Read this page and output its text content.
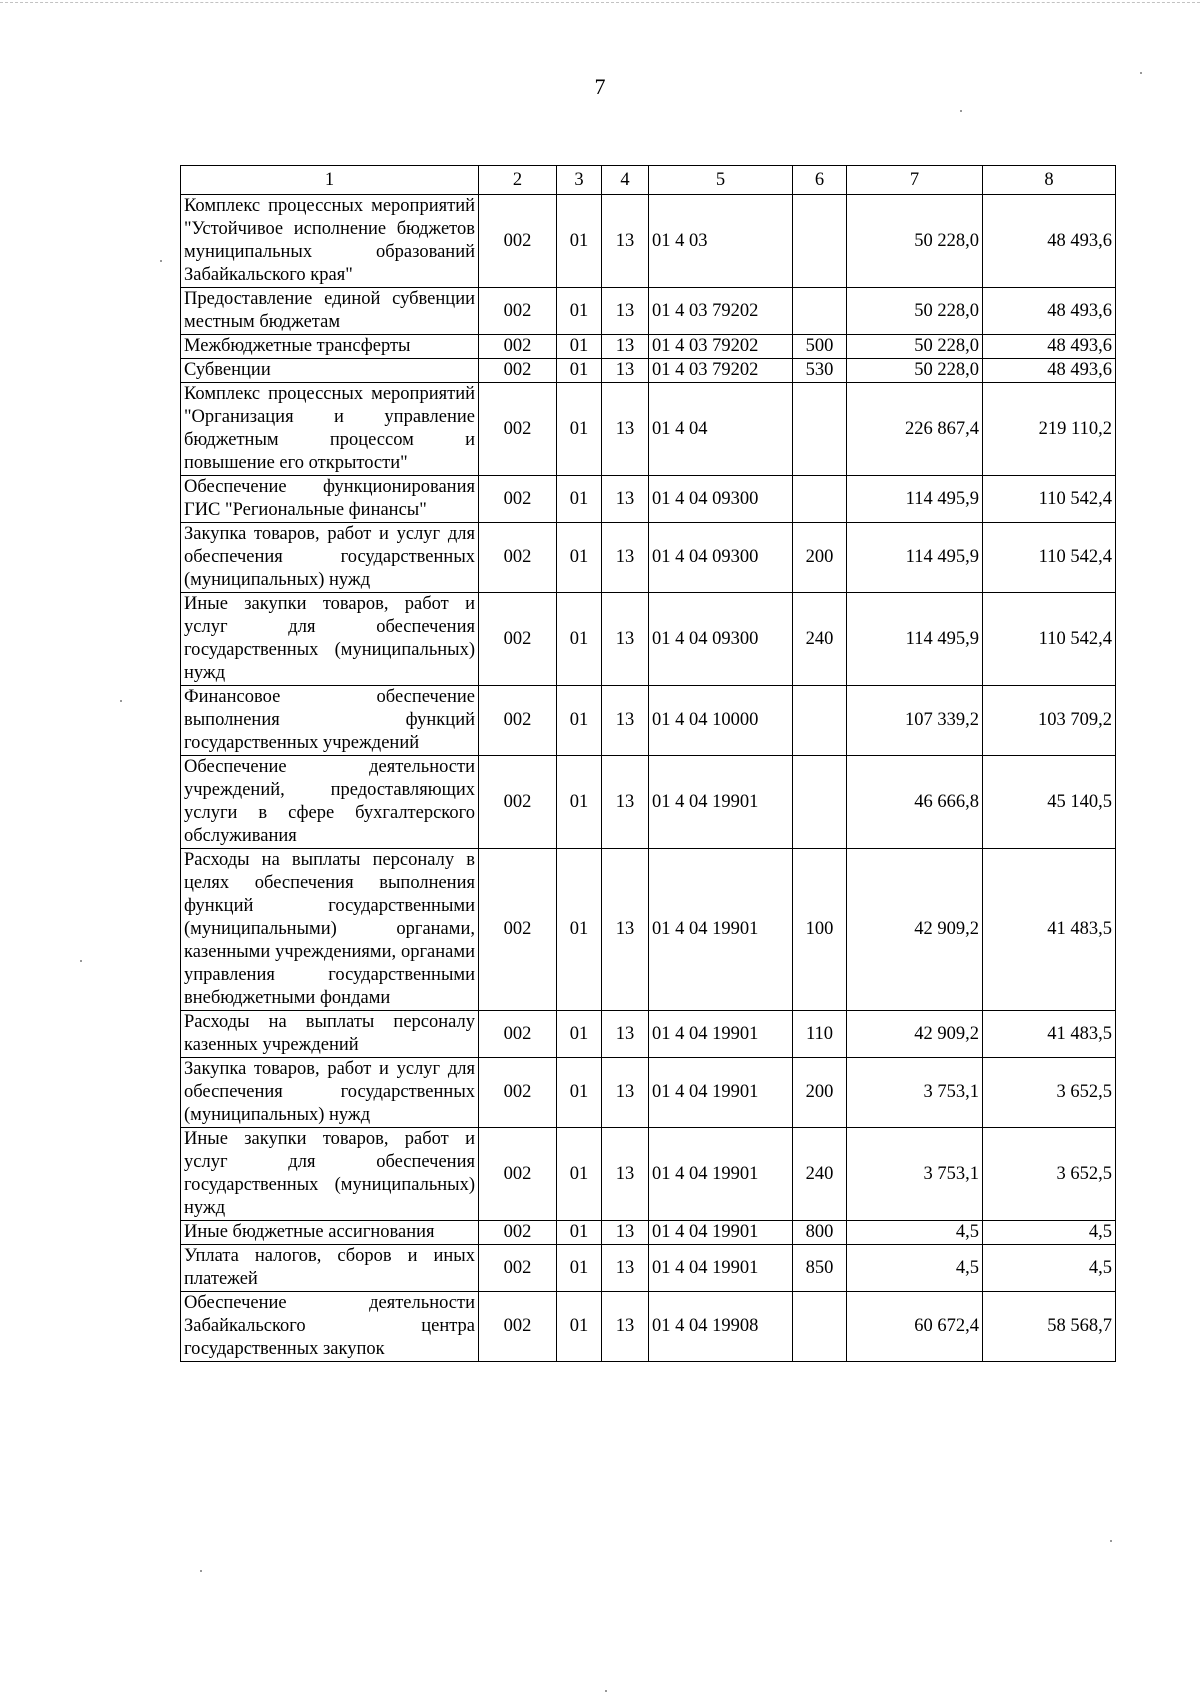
7
1	2	3	4	5	6	7	8
Комплекс процессных мероприятий "Устойчивое исполнение бюджетов муниципальных образований Забайкальского края"	002	01	13	01 4 03		50 228,0	48 493,6
Предоставление единой субвенции местным бюджетам	002	01	13	01 4 03 79202		50 228,0	48 493,6
Межбюджетные трансферты	002	01	13	01 4 03 79202	500	50 228,0	48 493,6
Субвенции	002	01	13	01 4 03 79202	530	50 228,0	48 493,6
Комплекс процессных мероприятий "Организация и управление бюджетным процессом и повышение его открытости"	002	01	13	01 4 04		226 867,4	219 110,2
Обеспечение функционирования ГИС "Региональные финансы"	002	01	13	01 4 04 09300		114 495,9	110 542,4
Закупка товаров, работ и услуг для обеспечения государственных (муниципальных) нужд	002	01	13	01 4 04 09300	200	114 495,9	110 542,4
Иные закупки товаров, работ и услуг для обеспечения государственных (муниципальных) нужд	002	01	13	01 4 04 09300	240	114 495,9	110 542,4
Финансовое обеспечение выполнения функций государственных учреждений	002	01	13	01 4 04 10000		107 339,2	103 709,2
Обеспечение деятельности учреждений, предоставляющих услуги в сфере бухгалтерского обслуживания	002	01	13	01 4 04 19901		46 666,8	45 140,5
Расходы на выплаты персоналу в целях обеспечения выполнения функций государственными (муниципальными) органами, казенными учреждениями, органами управления государственными внебюджетными фондами	002	01	13	01 4 04 19901	100	42 909,2	41 483,5
Расходы на выплаты персоналу казенных учреждений	002	01	13	01 4 04 19901	110	42 909,2	41 483,5
Закупка товаров, работ и услуг для обеспечения государственных (муниципальных) нужд	002	01	13	01 4 04 19901	200	3 753,1	3 652,5
Иные закупки товаров, работ и услуг для обеспечения государственных (муниципальных) нужд	002	01	13	01 4 04 19901	240	3 753,1	3 652,5
Иные бюджетные ассигнования	002	01	13	01 4 04 19901	800	4,5	4,5
Уплата налогов, сборов и иных платежей	002	01	13	01 4 04 19901	850	4,5	4,5
Обеспечение деятельности Забайкальского центра государственных закупок	002	01	13	01 4 04 19908		60 672,4	58 568,7
